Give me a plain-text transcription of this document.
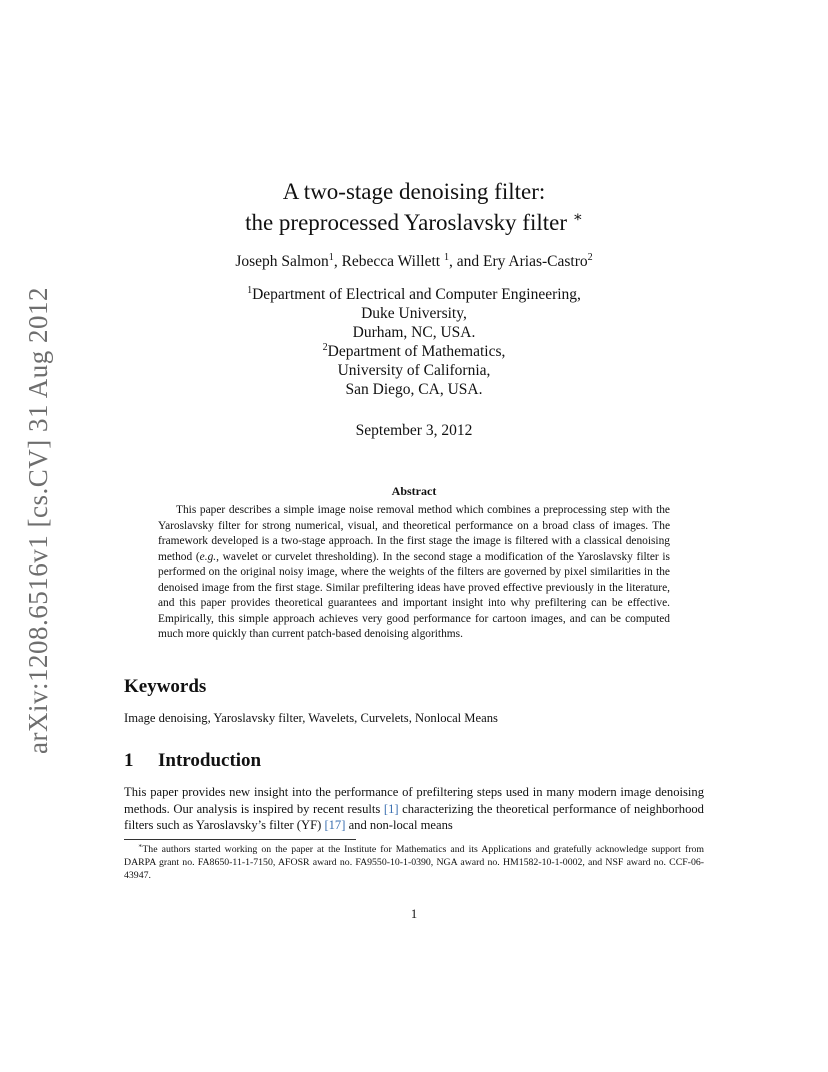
arXiv:1208.6516v1 [cs.CV] 31 Aug 2012
A two-stage denoising filter:
the preprocessed Yaroslavsky filter ∗
Joseph Salmon$^1$, Rebecca Willett $^1$, and Ery Arias-Castro$^2$
$^1$Department of Electrical and Computer Engineering,
Duke University,
Durham, NC, USA.
$^2$Department of Mathematics,
University of California,
San Diego, CA, USA.
September 3, 2012
Abstract

This paper describes a simple image noise removal method which combines a preprocessing step with the Yaroslavsky filter for strong numerical, visual, and theoretical performance on a broad class of images. The framework developed is a two-stage approach. In the first stage the image is filtered with a classical denoising method (e.g., wavelet or curvelet thresholding). In the second stage a modification of the Yaroslavsky filter is performed on the original noisy image, where the weights of the filters are governed by pixel similarities in the denoised image from the first stage. Similar prefiltering ideas have proved effective previously in the literature, and this paper provides theoretical guarantees and important insight into why prefiltering can be effective. Empirically, this simple approach achieves very good performance for cartoon images, and can be computed much more quickly than current patch-based denoising algorithms.

Keywords

Image denoising, Yaroslavsky filter, Wavelets, Curvelets, Nonlocal Means

1 Introduction

This paper provides new insight into the performance of prefiltering steps used in many modern image denoising methods. Our analysis is inspired by recent results [1] characterizing the theoretical performance of neighborhood filters such as Yaroslavsky’s filter (YF) [17] and non-local means

∗The authors started working on the paper at the Institute for Mathematics and its Applications and gratefully acknowledge support from DARPA grant no. FA8650-11-1-7150, AFOSR award no. FA9550-10-1-0390, NGA award no. HM1582-10-1-0002, and NSF award no. CCF-06-43947.

1
